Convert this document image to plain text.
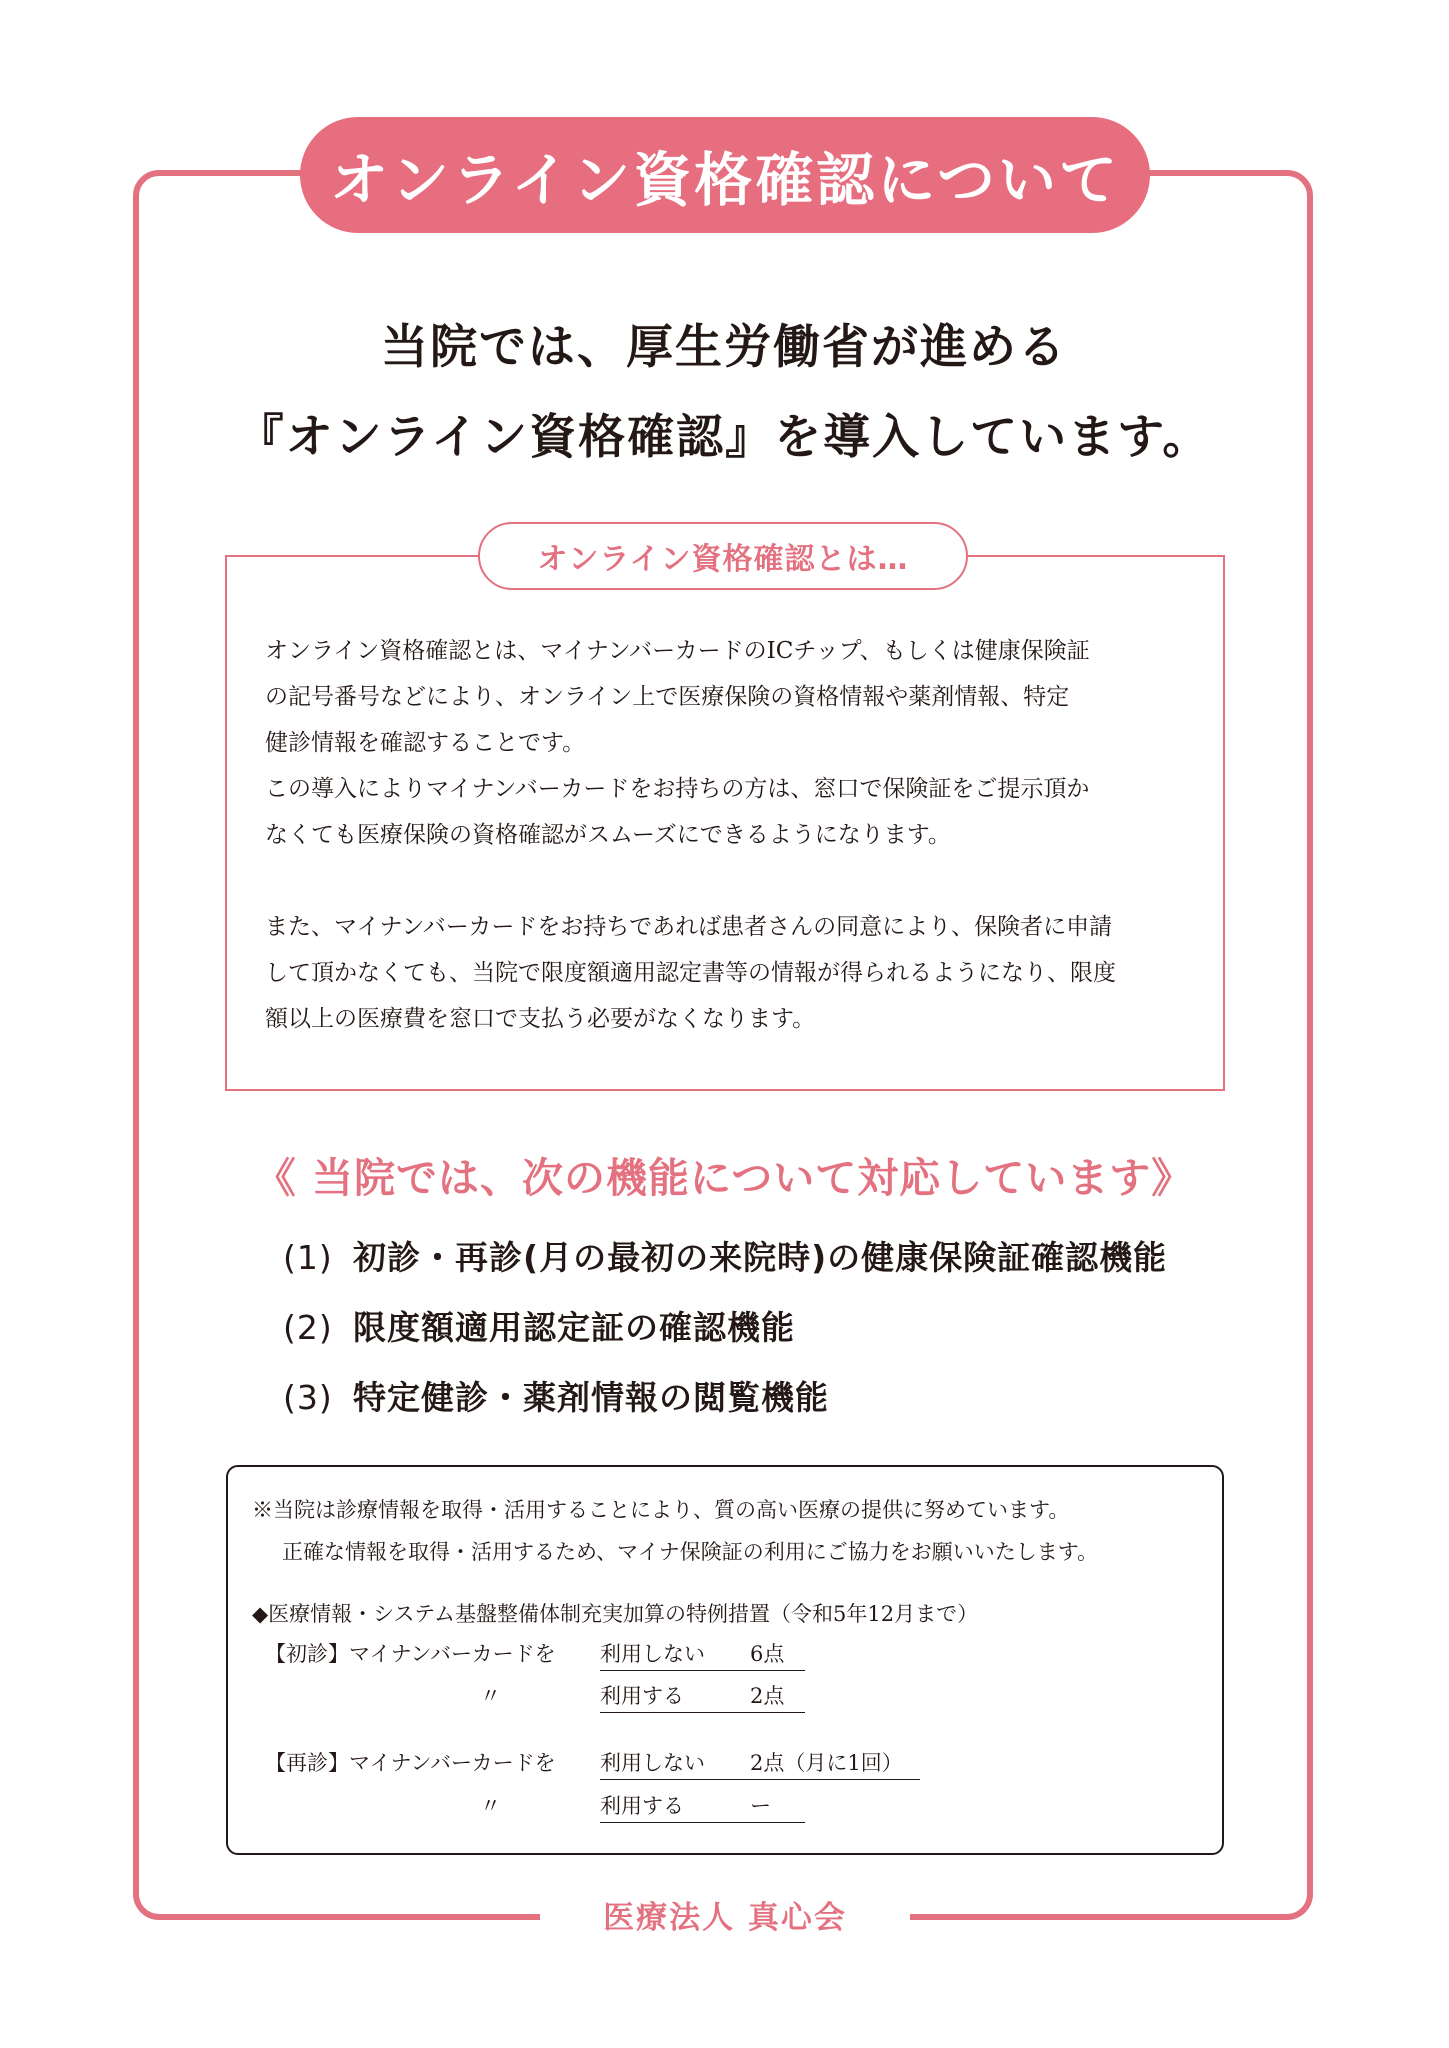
オンライン資格確認について
当院では、厚生労働省が進める
『オンライン資格確認』を導入しています。
オンライン資格確認とは…

オンライン資格確認とは、マイナンバーカードのICチップ、もしくは健康保険証

の記号番号などにより、オンライン上で医療保険の資格情報や薬剤情報、特定

健診情報を確認することです。

この導入によりマイナンバーカードをお持ちの方は、窓口で保険証をご提示頂か

なくても医療保険の資格確認がスムーズにできるようになります。

また、マイナンバーカードをお持ちであれば患者さんの同意により、保険者に申請

して頂かなくても、当院で限度額適用認定書等の情報が得られるようになり、限度

額以上の医療費を窓口で支払う必要がなくなります。

《 当院では、次の機能について対応しています》
(1) 初診・再診(月の最初の来院時)の健康保険証確認機能
(2) 限度額適用認定証の確認機能
(3) 特定健診・薬剤情報の閲覧機能
※当院は診療情報を取得・活用することにより、質の高い医療の提供に努めています。
正確な情報を取得・活用するため、マイナ保険証の利用にご協力をお願いいたします。
◆医療情報・システム基盤整備体制充実加算の特例措置（令和5年12月まで）
【初診】マイナンバーカードを 利用しない 6点
〃	利用する	2点
【再診】マイナンバーカードを 利用しない 2点（月に1回）
〃	利用する	ー
医療法人 真心会
